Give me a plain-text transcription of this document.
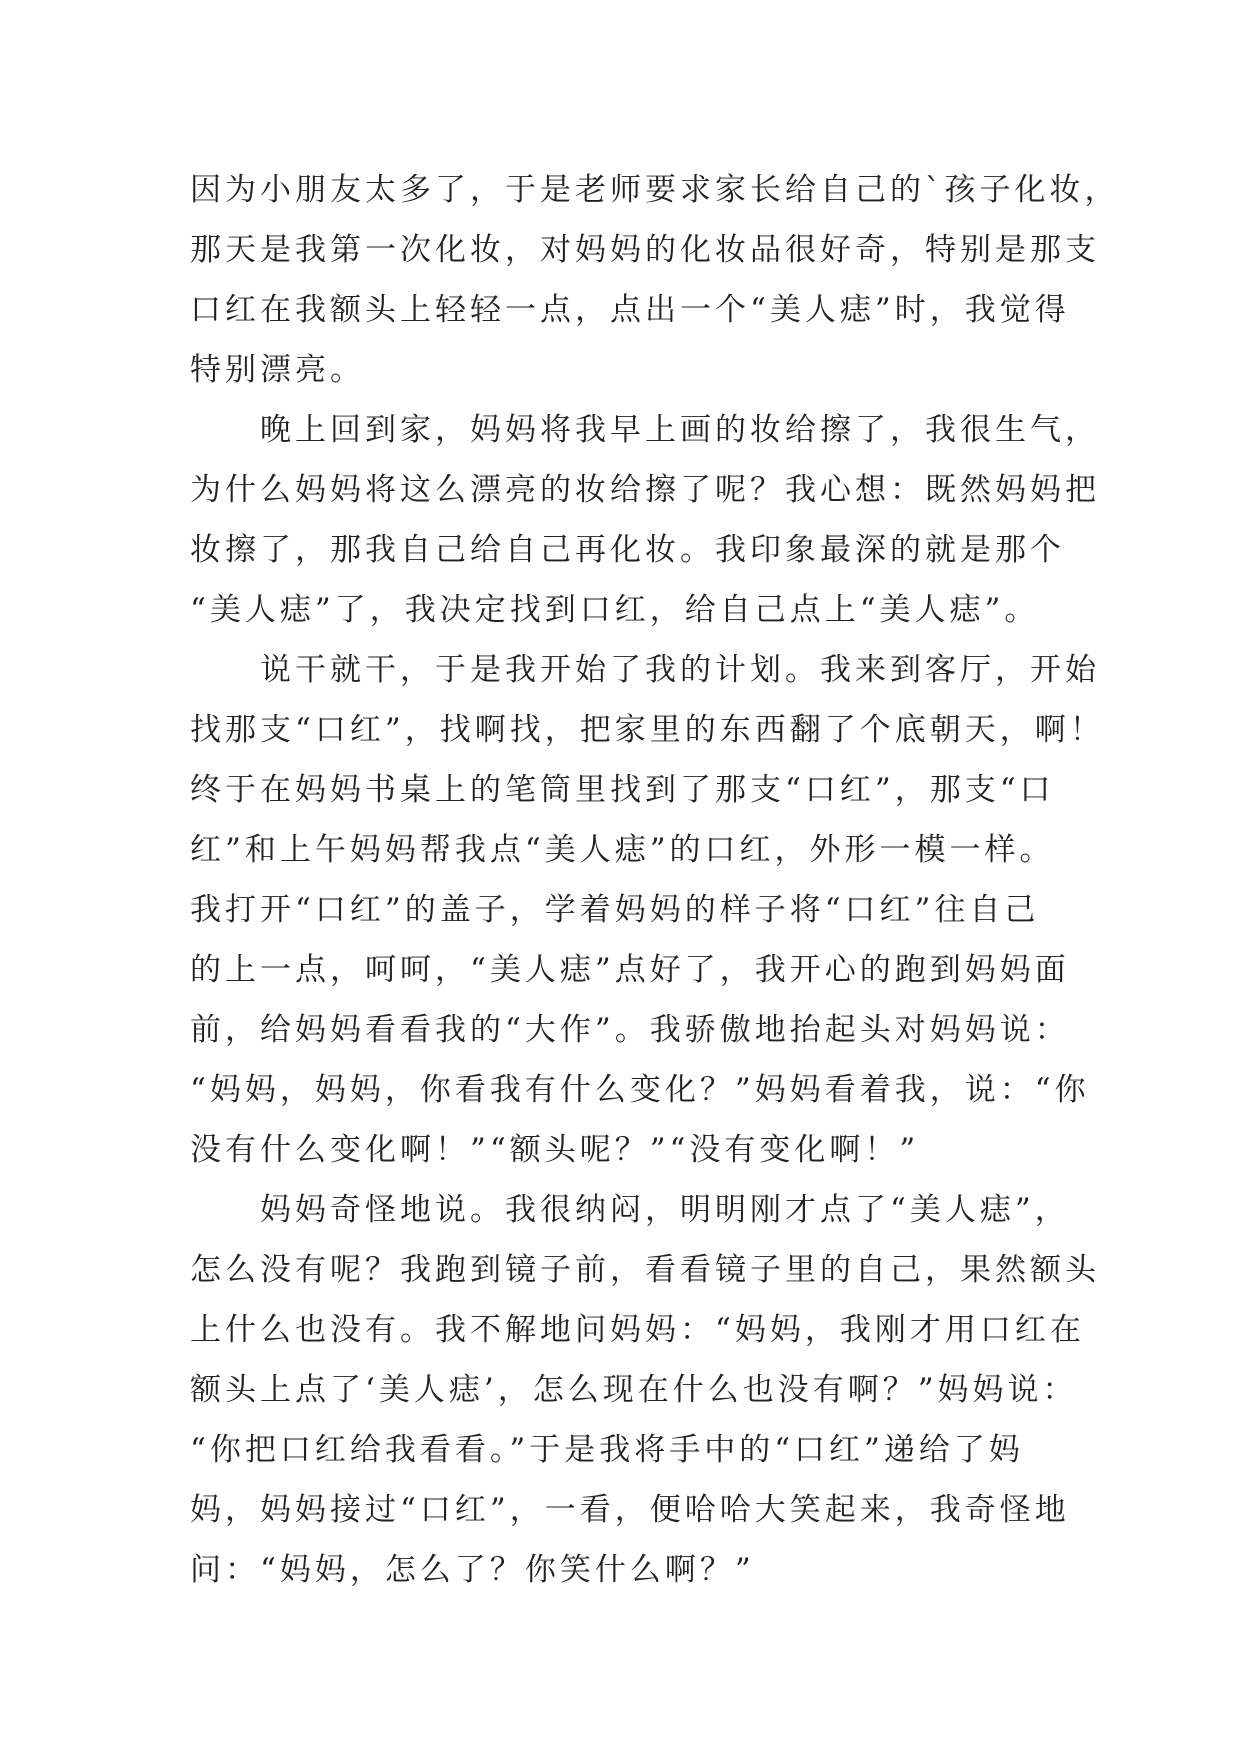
因为小朋友太多了，于是老师要求家长给自己的`孩子化妆，

那天是我第一次化妆，对妈妈的化妆品很好奇，特别是那支

口红在我额头上轻轻一点，点出一个“美人痣”时，我觉得

特别漂亮。

晚上回到家，妈妈将我早上画的妆给擦了，我很生气，

为什么妈妈将这么漂亮的妆给擦了呢？我心想：既然妈妈把

妆擦了，那我自己给自己再化妆。我印象最深的就是那个

“美人痣”了，我决定找到口红，给自己点上“美人痣”。

说干就干，于是我开始了我的计划。我来到客厅，开始

找那支“口红”，找啊找，把家里的东西翻了个底朝天，啊！

终于在妈妈书桌上的笔筒里找到了那支“口红”，那支“口

红”和上午妈妈帮我点“美人痣”的口红，外形一模一样。

我打开“口红”的盖子，学着妈妈的样子将“口红”往自己

的上一点，呵呵，“美人痣”点好了，我开心的跑到妈妈面

前，给妈妈看看我的“大作”。我骄傲地抬起头对妈妈说：

“妈妈，妈妈，你看我有什么变化？”妈妈看着我，说：“你

没有什么变化啊！”“额头呢？”“没有变化啊！”

妈妈奇怪地说。我很纳闷，明明刚才点了“美人痣”，

怎么没有呢？我跑到镜子前，看看镜子里的自己，果然额头

上什么也没有。我不解地问妈妈：“妈妈，我刚才用口红在

额头上点了‘美人痣’，怎么现在什么也没有啊？”妈妈说：

“你把口红给我看看。”于是我将手中的“口红”递给了妈

妈，妈妈接过“口红”，一看，便哈哈大笑起来，我奇怪地

问：“妈妈，怎么了？你笑什么啊？”
